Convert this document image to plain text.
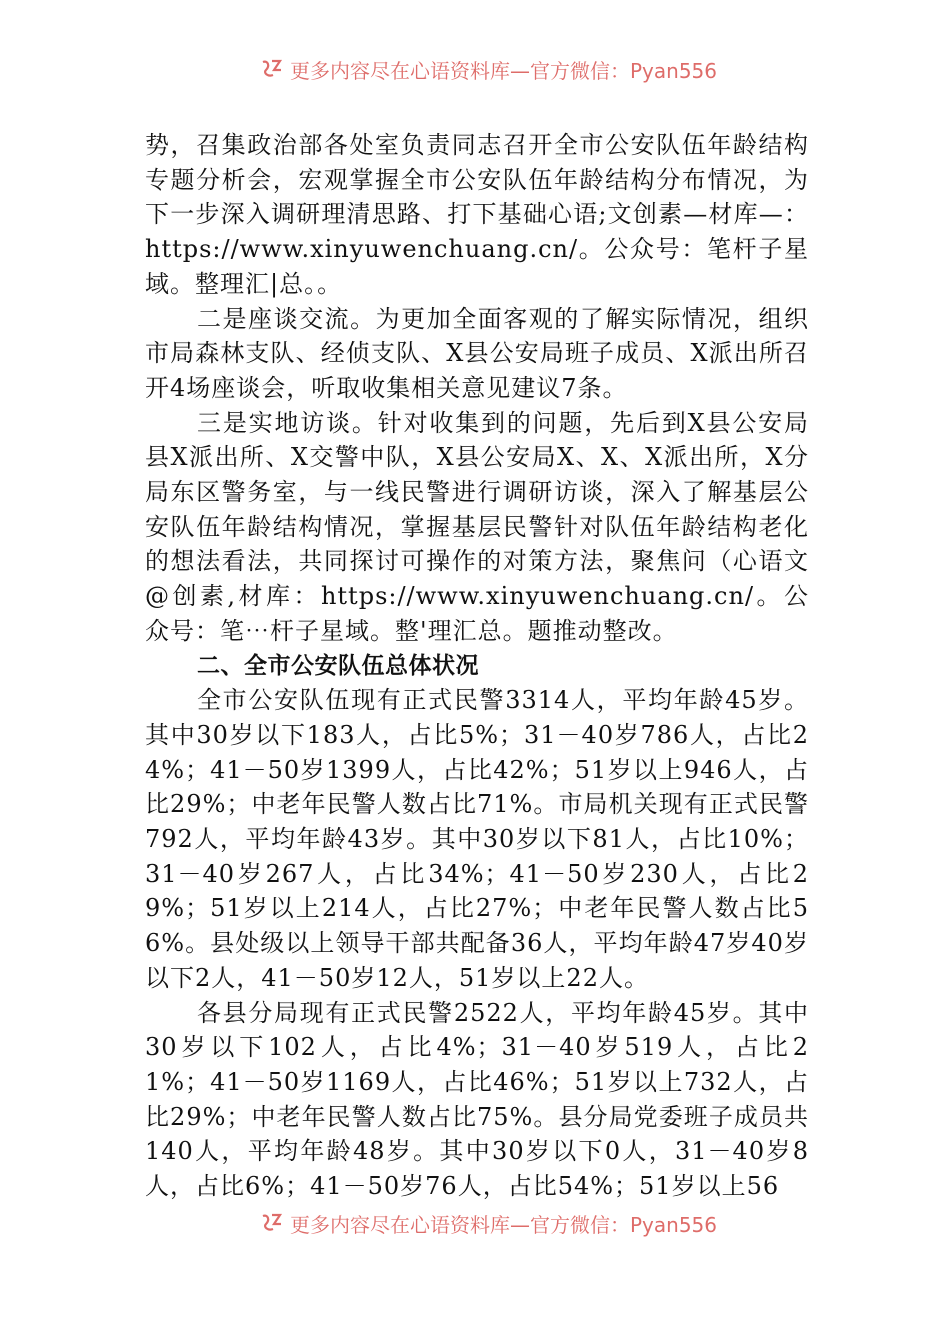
更多内容尽在心语资料库—官方微信：Pyan556

势，召集政治部各处室负责同志召开全市公安队伍年龄结构专题分析会，宏观掌握全市公安队伍年龄结构分布情况，为下一步深入调研理清思路、打下基础心语;文创素—材库—：https://www.xinyuwenchuang.cn/。公众号：笔杆子星域。整理汇|总。。

二是座谈交流。为更加全面客观的了解实际情况，组织市局森林支队、经侦支队、X县公安局班子成员、X派出所召开4场座谈会，听取收集相关意见建议7条。

三是实地访谈。针对收集到的问题，先后到X县公安局县X派出所、X交警中队，X县公安局X、X、X派出所，X分局东区警务室，与一线民警进行调研访谈，深入了解基层公安队伍年龄结构情况，掌握基层民警针对队伍年龄结构老化的想法看法，共同探讨可操作的对策方法，聚焦问（心语文@创素,材库：https://www.xinyuwenchuang.cn/。公众号：笔⋯杆子星域。整'理汇总。题推动整改。

二、全市公安队伍总体状况

全市公安队伍现有正式民警3314人，平均年龄45岁。其中30岁以下183人，占比5%；31－40岁786人，占比24%；41－50岁1399人，占比42%；51岁以上946人，占比29%；中老年民警人数占比71%。市局机关现有正式民警792人，平均年龄43岁。其中30岁以下81人，占比10%；31－40岁267人，占比34%；41－50岁230人，占比29%；51岁以上214人，占比27%；中老年民警人数占比56%。县处级以上领导干部共配备36人，平均年龄47岁40岁以下2人，41－50岁12人，51岁以上22人。

各县分局现有正式民警2522人，平均年龄45岁。其中30岁以下102人，占比4%；31－40岁519人，占比21%；41－50岁1169人，占比46%；51岁以上732人，占比29%；中老年民警人数占比75%。县分局党委班子成员共140人，平均年龄48岁。其中30岁以下0人，31－40岁8人，占比6%；41－50岁76人，占比54%；51岁以上56

更多内容尽在心语资料库—官方微信：Pyan556
